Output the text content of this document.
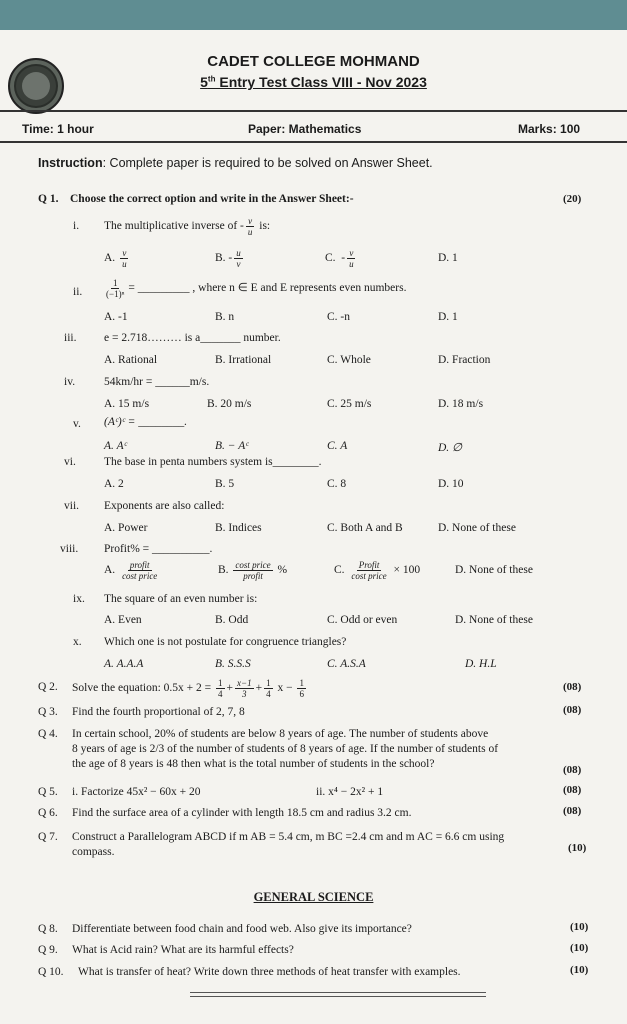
CADET COLLEGE MOHMAND
5th Entry Test Class VIII - Nov 2023
Time: 1 hour	Paper: Mathematics	Marks: 100
Instruction: Complete paper is required to be solved on Answer Sheet.
Q 1. Choose the correct option and write in the Answer Sheet:-	(20)
i. The multiplicative inverse of - $\frac{v}{u}$ is:
A. $\frac{v}{u}$	B. - $\frac{u}{v}$	C. - $\frac{v}{u}$	D. 1
ii. $\frac{1}{\text{(−1)ⁿ}}$ = _________ , where n ∈ E and E represents even numbers.
A. -1	B. n	C. -n	D. 1
iii. e = 2.718……… is a_______ number.
A. Rational	B. Irrational	C. Whole	D. Fraction
iv.	54km/hr = ______m/s.
A. 15 m/s	B. 20 m/s	C. 25 m/s	D. 18 m/s
v. (Aᶜ)ᶜ = ________.
A. Aᶜ	B. − Aᶜ	C. A	D. ∅
vi. The base in penta numbers system is________.
A. 2	B. 5	C. 8	D. 10
vii. Exponents are also called:
A. Power	B. Indices	C. Both A and B	D. None of these
viii. Profit% = __________.
A. $\frac{\text{profit}}{\text{cost price}}$	B. $\frac{\text{cost price}}{\text{profit}}$ %	C. $\frac{\text{Profit}}{\text{cost price}} \times 100$	D. None of these
ix. The square of an even number is:
A. Even	B. Odd	C. Odd or even	D. None of these
x. Which one is not postulate for congruence triangles?
A. A.A.A	B. S.S.S	C. A.S.A	D. H.L
Q 2. Solve the equation: $0.5x + 2 = \frac{1}{4} + \frac{x-1}{3} + \frac{1}{4}$ $x - \frac{1}{6}$	(08)
Q 3. Find the fourth proportional of 2, 7, 8	(08)
Q 4. In certain school, 20% of students are below 8 years of age. The number of students above
8 years of age is 2/3 of the number of students of 8 years of age. If the number of students of
the age of 8 years is 48 then what is the total number of students in the school?	(08)
Q 5. i. Factorize 45x² − 60x + 20	ii. x⁴ − 2x² + 1	(08)
Q 6. Find the surface area of a cylinder with length 18.5 cm and radius 3.2 cm.	(08)
Q 7. Construct a Parallelogram ABCD if m AB = 5.4 cm, m BC =2.4 cm and m AC = 6.6 cm using
compass.	(10)
GENERAL SCIENCE
Q 8. Differentiate between food chain and food web. Also give its importance?	(10)
Q 9. What is Acid rain? What are its harmful effects?	(10)
Q 10. What is transfer of heat? Write down three methods of heat transfer with examples.	(10)
